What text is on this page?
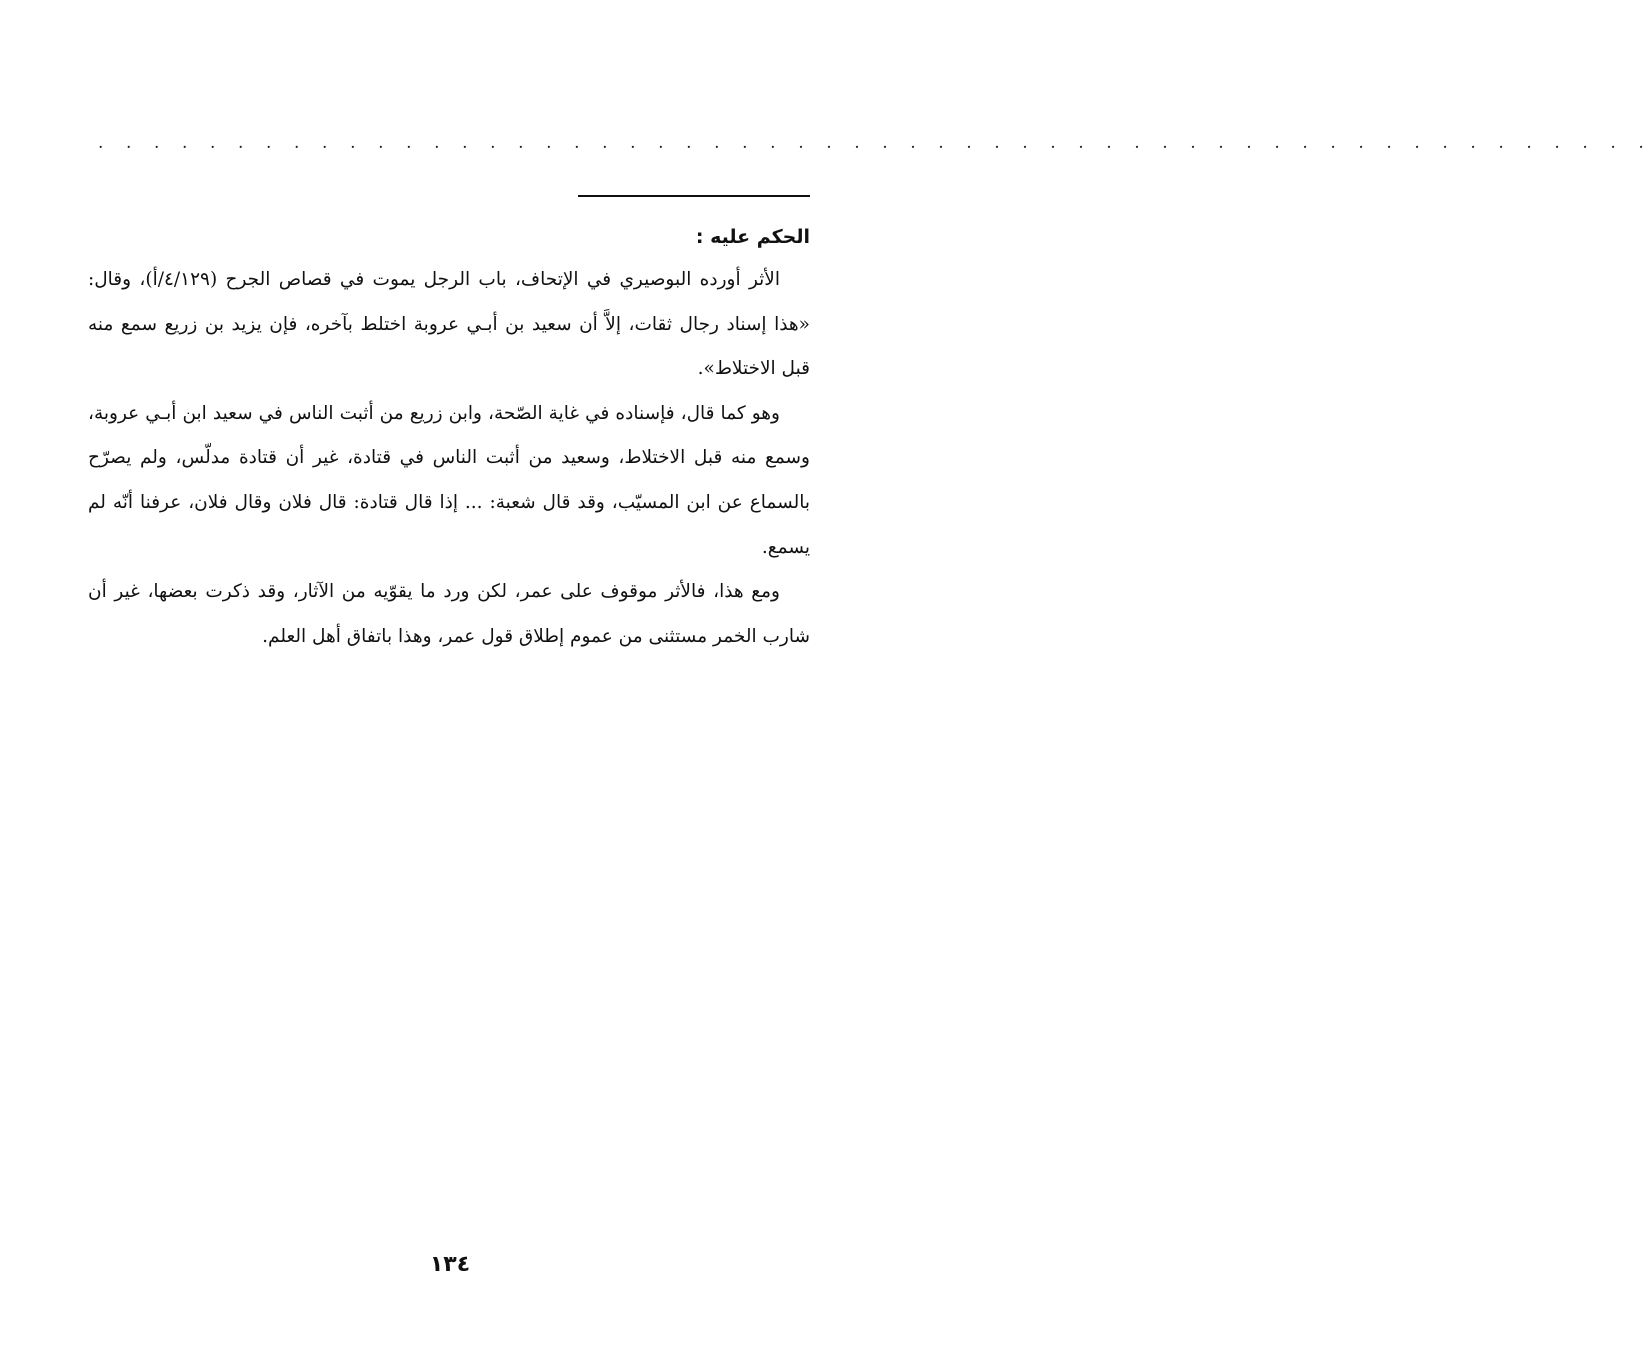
. . . . . . . . . . . . . . . . . . . . . . . . . . . . . . . . . . . . . . . . . . . . . . . . . . . . . . . .

الحكم عليه :

الأثر أورده البوصيري في الإتحاف، باب الرجل يموت في قصاص الجرح (٤/١٢٩/أ)، وقال: «هذا إسناد رجال ثقات، إلاَّ أن سعيد بن أبـي عروبة اختلط بآخره، فإن يزيد بن زريع سمع منه قبل الاختلاط».

وهو كما قال، فإسناده في غاية الصّحة، وابن زريع من أثبت الناس في سعيد ابن أبـي عروبة، وسمع منه قبل الاختلاط، وسعيد من أثبت الناس في قتادة، غير أن قتادة مدلّس، ولم يصرّح بالسماع عن ابن المسيّب، وقد قال شعبة: ... إذا قال قتادة: قال فلان وقال فلان، عرفنا أنّه لم يسمع.

ومع هذا، فالأثر موقوف على عمر، لكن ورد ما يقوّيه من الآثار، وقد ذكرت بعضها، غير أن شارب الخمر مستثنى من عموم إطلاق قول عمر، وهذا باتفاق أهل العلم.

١٣٤
